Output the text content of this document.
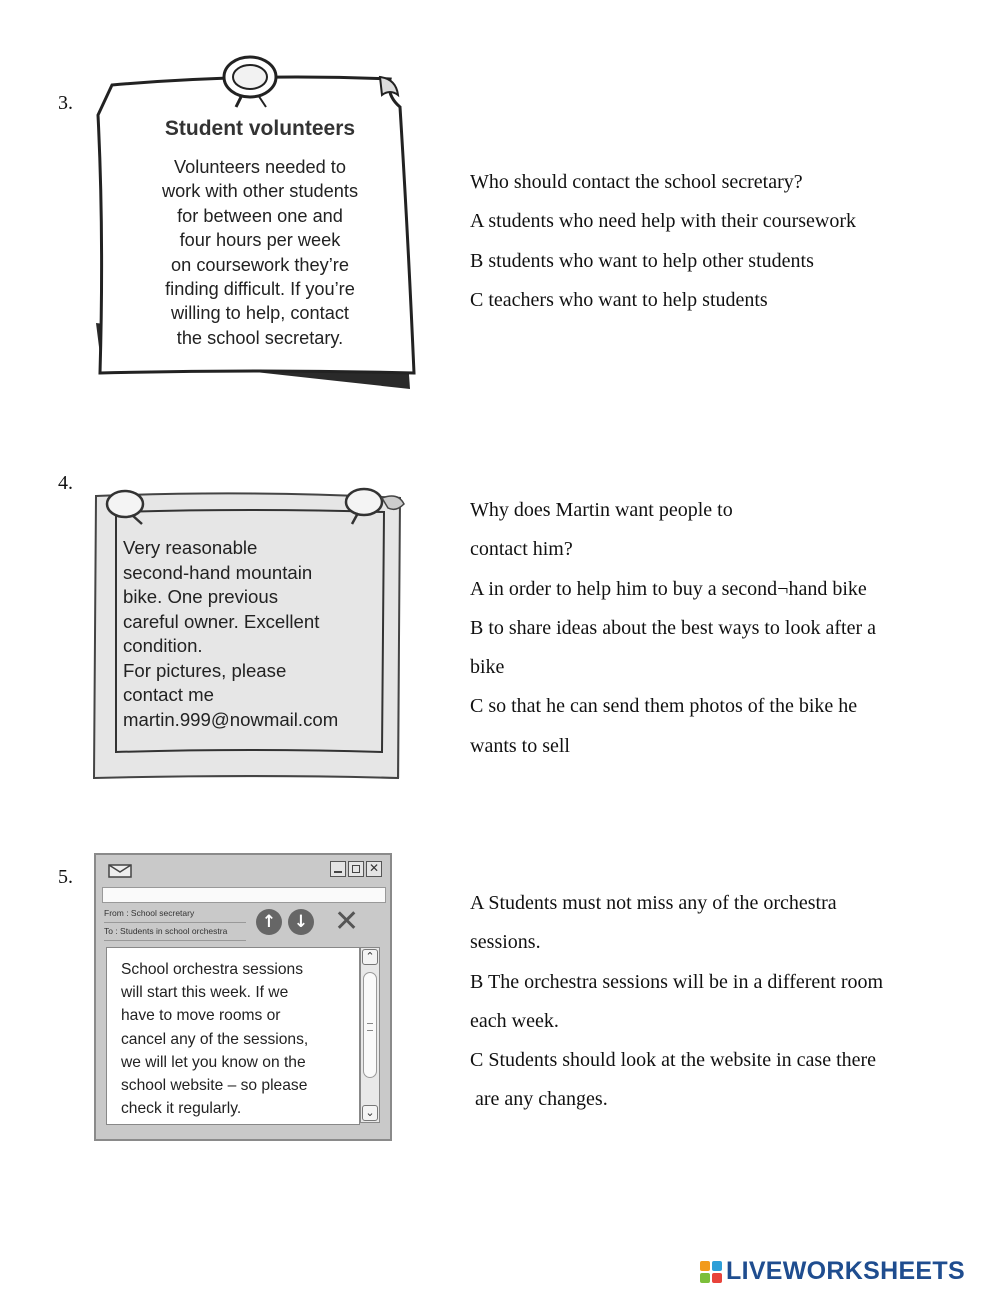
3.
Student volunteers
Volunteers needed to
work with other students
for between one and
four hours per week
on coursework they’re
finding difficult. If you’re
willing to help, contact
the school secretary.

Who should contact the school secretary?

A students who need help with their coursework

B students who want to help other students

C teachers who want to help students

4.
Very reasonable
second-hand mountain
bike. One previous
careful owner. Excellent
condition.
For pictures, please
contact me
martin.999@nowmail.com

Why does Martin want people to

contact him?

A in order to help him to buy a second¬hand bike

B to share ideas about the best ways to look after a

bike

C so that he can send them photos of the bike he

wants to sell

5.	✕
From : School secretary
To : Students in school orchestra	↑	↓ ✕
School orchestra sessions
will start this week. If we
have to move rooms or
cancel any of the sessions,
we will let you know on the
school website – so please
check it regularly.
⌃
⌄

A Students must not miss any of the orchestra

sessions.

B The orchestra sessions will be in a different room

each week.

C Students should look at the website in case there

are any changes.

LIVEWORKSHEETS
